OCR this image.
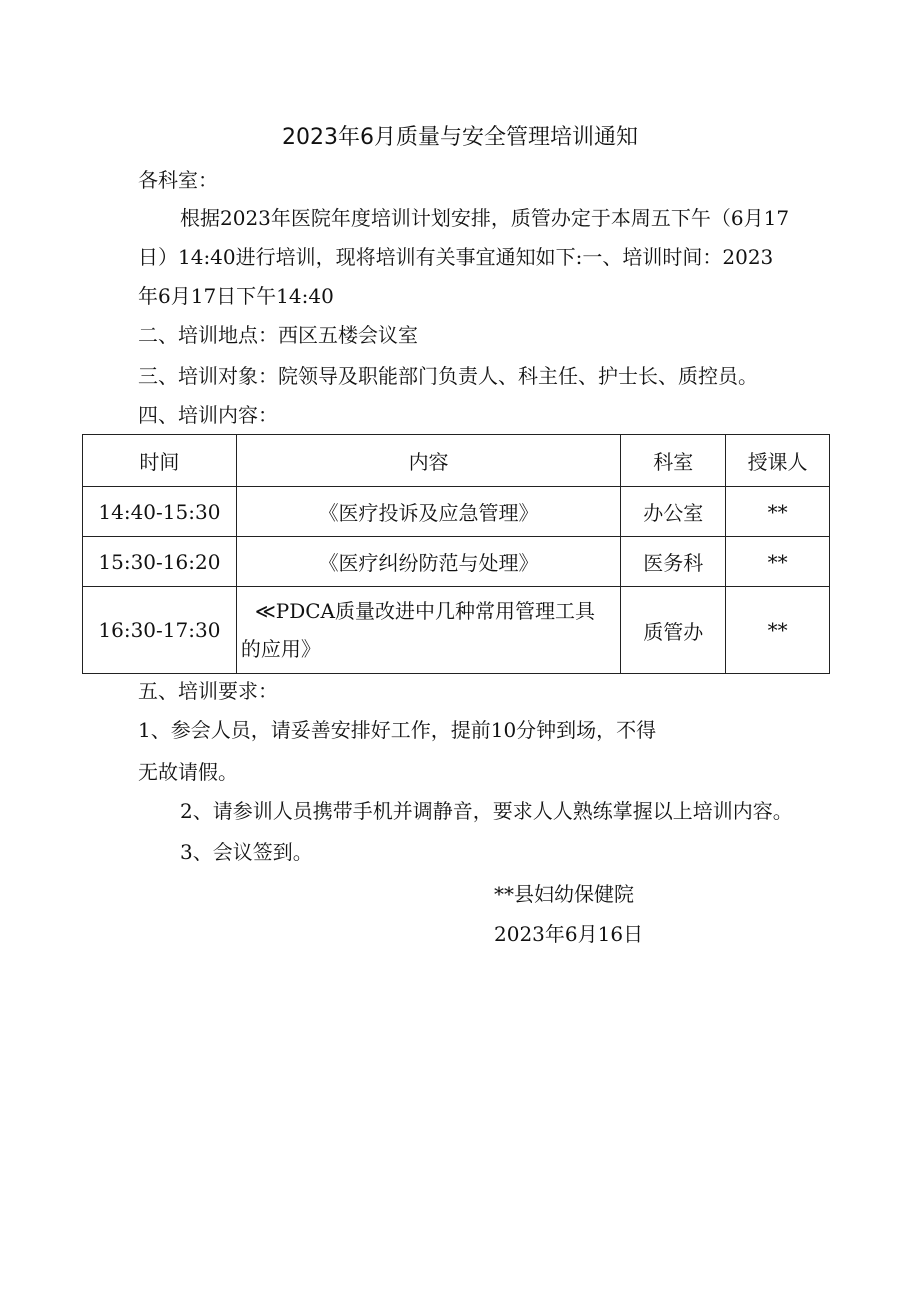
2023年6月质量与安全管理培训通知
各科室：
根据2023年医院年度培训计划安排，质管办定于本周五下午（6月17
日）14:40进行培训，现将培训有关事宜通知如下:一、培训时间：2023
年6月17日下午14:40
二、培训地点：西区五楼会议室
三、培训对象：院领导及职能部门负责人、科主任、护士长、质控员。
四、培训内容：
时间	内容	科室	授课人
14:40-15:30	《医疗投诉及应急管理》	办公室	**
15:30-16:20	《医疗纠纷防范与处理》	医务科	**
16:30-17:30	≪PDCA质量改进中几种常用管理工具
的应用》	质管办	**
五、培训要求：
1、参会人员，请妥善安排好工作，提前10分钟到场，不得
无故请假。
2、请参训人员携带手机并调静音，要求人人熟练掌握以上培训内容。
3、会议签到。
**县妇幼保健院
2023年6月16日
